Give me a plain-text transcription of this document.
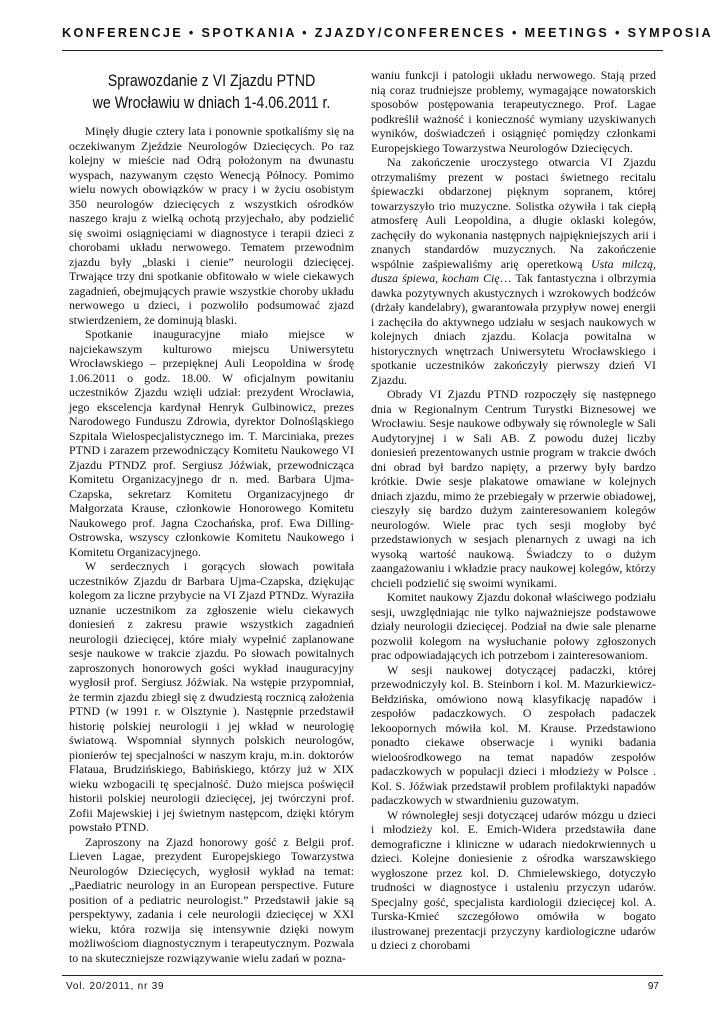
KONFERENCJE • SPOTKANIA • ZJAZDY/CONFERENCES • MEETINGS • SYMPOSIA
Sprawozdanie z VI Zjazdu PTND
we Wrocławiu w dniach 1-4.06.2011 r.

Minęły długie cztery lata i ponownie spotkaliśmy się na oczekiwanym Zjeździe Neurologów Dziecięcych. Po raz kolejny w mieście nad Odrą położonym na dwunastu wyspach, nazywanym często Wenecją Północy. Pomimo wielu nowych obowiązków w pracy i w życiu osobistym 350 neurologów dziecięcych z wszystkich ośrodków naszego kraju z wielką ochotą przyjechało, aby podzielić się swoimi osiągnięciami w diagnostyce i terapii dzieci z chorobami układu nerwowego. Tematem przewodnim zjazdu były „blaski i cienie” neurologii dziecięcej. Trwające trzy dni spotkanie obfitowało w wiele ciekawych zagadnień, obejmujących prawie wszystkie choroby układu nerwowego u dzieci, i pozwoliło podsumować zjazd stwierdzeniem, że dominują blaski.

Spotkanie inauguracyjne miało miejsce w najciekawszym kulturowo miejscu Uniwersytetu Wrocławskiego – przepięknej Auli Leopoldina w środę 1.06.2011 o godz. 18.00. W oficjalnym powitaniu uczestników Zjazdu wzięli udział: prezydent Wrocławia, jego ekscelencja kardynał Henryk Gulbinowicz, prezes Narodowego Funduszu Zdrowia, dyrektor Dolnośląskiego Szpitala Wielospecjalistycznego im. T. Marciniaka, prezes PTND i zarazem przewodniczący Komitetu Naukowego VI Zjazdu PTNDZ prof. Sergiusz Jóźwiak, przewodnicząca Komitetu Organizacyjnego dr n. med. Barbara Ujma-Czapska, sekretarz Komitetu Organizacyjnego dr Małgorzata Krause, członkowie Honorowego Komitetu Naukowego prof. Jagna Czochańska, prof. Ewa Dilling-Ostrowska, wszyscy członkowie Komitetu Naukowego i Komitetu Organizacyjnego.

W serdecznych i gorących słowach powitała uczestników Zjazdu dr Barbara Ujma-Czapska, dziękując kolegom za liczne przybycie na VI Zjazd PTNDz. Wyraziła uznanie uczestnikom za zgłoszenie wielu ciekawych doniesień z zakresu prawie wszystkich zagadnień neurologii dziecięcej, które miały wypełnić zaplanowane sesje naukowe w trakcie zjazdu. Po słowach powitalnych zaproszonych honorowych gości wykład inauguracyjny wygłosił prof. Sergiusz Jóźwiak. Na wstępie przypomniał, że termin zjazdu zbiegł się z dwudziestą rocznicą założenia PTND (w 1991 r. w Olsztynie ). Następnie przedstawił historię polskiej neurologii i jej wkład w neurologię światową. Wspomniał słynnych polskich neurologów, pionierów tej specjalności w naszym kraju, m.in. doktorów Flataua, Brudzińskiego, Babińskiego, którzy już w XIX wieku wzbogacili tę specjalność. Dużo miejsca poświęcił historii polskiej neurologii dziecięcej, jej twórczyni prof. Zofii Majewskiej i jej świetnym następcom, dzięki którym powstało PTND.

Zaproszony na Zjazd honorowy gość z Belgii prof. Lieven Lagae, prezydent Europejskiego Towarzystwa Neurologów Dziecięcych, wygłosił wykład na temat: „Paediatric neurology in an European perspective. Future position of a pediatric neurologist.” Przedstawił jakie są perspektywy, zadania i cele neurologii dziecięcej w XXI wieku, która rozwija się intensywnie dzięki nowym możliwościom diagnostycznym i terapeutycznym. Pozwala to na skuteczniejsze rozwiązywanie wielu zadań w pozna-

waniu funkcji i patologii układu nerwowego. Stają przed nią coraz trudniejsze problemy, wymagające nowatorskich sposobów postępowania terapeutycznego. Prof. Lagae podkreślił ważność i konieczność wymiany uzyskiwanych wyników, doświadczeń i osiągnięć pomiędzy członkami Europejskiego Towarzystwa Neurologów Dziecięcych.

Na zakończenie uroczystego otwarcia VI Zjazdu otrzymaliśmy prezent w postaci świetnego recitalu śpiewaczki obdarzonej pięknym sopranem, której towarzyszyło trio muzyczne. Solistka ożywiła i tak ciepłą atmosferę Auli Leopoldina, a długie oklaski kolegów, zachęciły do wykonania następnych najpiękniejszych arii i znanych standardów muzycznych. Na zakończenie wspólnie zaśpiewaliśmy arię operetkową Usta milczą, dusza śpiewa, kocham Cię… Tak fantastyczna i olbrzymia dawka pozytywnych akustycznych i wzrokowych bodźców (drżały kandelabry), gwarantowała przypływ nowej energii i zachęciła do aktywnego udziału w sesjach naukowych w kolejnych dniach zjazdu. Kolacja powitalna w historycznych wnętrzach Uniwersytetu Wrocławskiego i spotkanie uczestników zakończyły pierwszy dzień VI Zjazdu.

Obrady VI Zjazdu PTND rozpoczęły się następnego dnia w Regionalnym Centrum Turystki Biznesowej we Wrocławiu. Sesje naukowe odbywały się równolegle w Sali Audytoryjnej i w Sali AB. Z powodu dużej liczby doniesień prezentowanych ustnie program w trakcie dwóch dni obrad był bardzo napięty, a przerwy były bardzo krótkie. Dwie sesje plakatowe omawiane w kolejnych dniach zjazdu, mimo że przebiegały w przerwie obiadowej, cieszyły się bardzo dużym zainteresowaniem kolegów neurologów. Wiele prac tych sesji mogłoby być przedstawionych w sesjach plenarnych z uwagi na ich wysoką wartość naukową. Świadczy to o dużym zaangażowaniu i wkładzie pracy naukowej kolegów, którzy chcieli podzielić się swoimi wynikami.

Komitet naukowy Zjazdu dokonał właściwego podziału sesji, uwzględniając nie tylko najważniejsze podstawowe działy neurologii dziecięcej. Podział na dwie sale plenarne pozwolił kolegom na wysłuchanie połowy zgłoszonych prac odpowiadających ich potrzebom i zainteresowaniom.

W sesji naukowej dotyczącej padaczki, której przewodniczyły kol. B. Steinborn i kol. M. Mazurkiewicz-Bełdzińska, omówiono nową klasyfikację napadów i zespołów padaczkowych. O zespołach padaczek lekoopornych mówiła kol. M. Krause. Przedstawiono ponadto ciekawe obserwacje i wyniki badania wieloośrodkowego na temat napadów zespołów padaczkowych w populacji dzieci i młodzieży w Polsce . Kol. S. Jóźwiak przedstawił problem profilaktyki napadów padaczkowych w stwardnieniu guzowatym.

W równoległej sesji dotyczącej udarów mózgu u dzieci i młodzieży kol. E. Emich-Widera przedstawiła dane demograficzne i kliniczne w udarach niedokrwiennych u dzieci. Kolejne doniesienie z ośrodka warszawskiego wygłoszone przez kol. D. Chmielewskiego, dotyczyło trudności w diagnostyce i ustaleniu przyczyn udarów. Specjalny gość, specjalista kardiologii dziecięcej kol. A. Turska-Kmieć szczegółowo omówiła w bogato ilustrowanej prezentacji przyczyny kardiologiczne udarów u dzieci z chorobami

Vol. 20/2011, nr 39	97
